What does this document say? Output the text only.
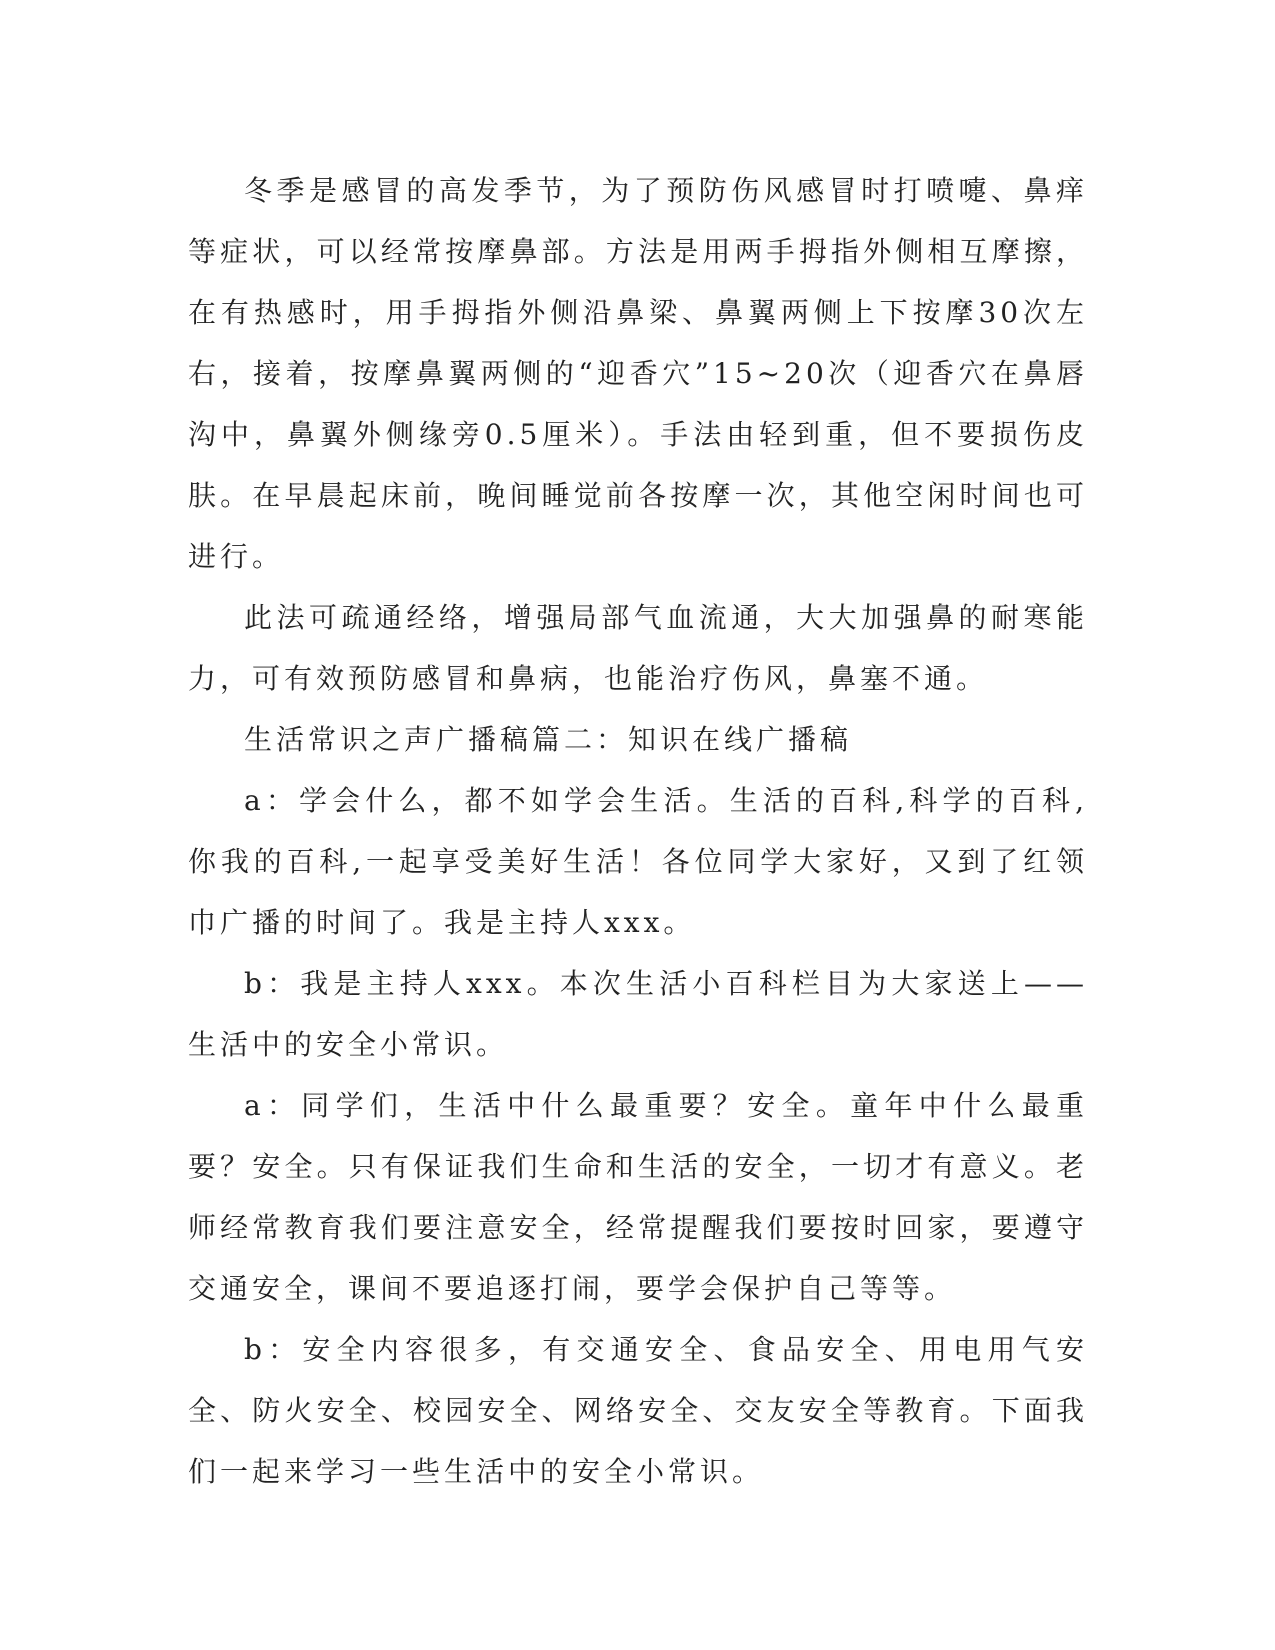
冬季是感冒的高发季节，为了预防伤风感冒时打喷嚏、鼻痒等症状，可以经常按摩鼻部。方法是用两手拇指外侧相互摩擦，在有热感时，用手拇指外侧沿鼻梁、鼻翼两侧上下按摩30次左右，接着，按摩鼻翼两侧的“迎香穴”15~20次（迎香穴在鼻唇沟中，鼻翼外侧缘旁0.5厘米）。手法由轻到重，但不要损伤皮肤。在早晨起床前，晚间睡觉前各按摩一次，其他空闲时间也可进行。

此法可疏通经络，增强局部气血流通，大大加强鼻的耐寒能力，可有效预防感冒和鼻病，也能治疗伤风，鼻塞不通。

生活常识之声广播稿篇二：知识在线广播稿

a：学会什么，都不如学会生活。生活的百科,科学的百科,你我的百科,一起享受美好生活！各位同学大家好，又到了红领巾广播的时间了。我是主持人xxx。

b：我是主持人xxx。本次生活小百科栏目为大家送上——生活中的安全小常识。

a：同学们，生活中什么最重要？安全。童年中什么最重要？安全。只有保证我们生命和生活的安全，一切才有意义。老师经常教育我们要注意安全，经常提醒我们要按时回家，要遵守交通安全，课间不要追逐打闹，要学会保护自己等等。

b：安全内容很多，有交通安全、食品安全、用电用气安全、防火安全、校园安全、网络安全、交友安全等教育。下面我们一起来学习一些生活中的安全小常识。
